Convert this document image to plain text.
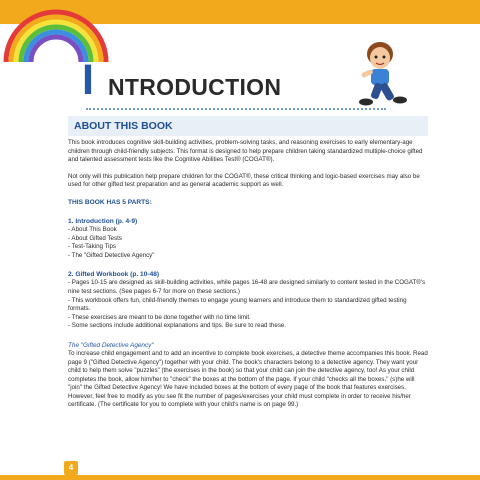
I NTRODUCTION
ABOUT THIS BOOK

This book introduces cognitive skill-building activities, problem-solving tasks, and reasoning exercises to early elementary-age children through child-friendly subjects. This format is designed to help prepare children taking standardized multiple-choice gifted and talented assessment tests like the Cognitive Abilities Test® (COGAT®).

Not only will this publication help prepare children for the COGAT®, these critical thinking and logic-based exercises may also be used for other gifted test preparation and as general academic support as well.

THIS BOOK HAS 5 PARTS:
1. Introduction (p. 4-9)
- About This Book
- About Gifted Tests
- Test-Taking Tips
- The "Gifted Detective Agency"
2. Gifted Workbook (p. 10-48)
- Pages 10-15 are designed as skill-building activities, while pages 16-48 are designed similarly to content tested in the COGAT®'s nine test sections. (See pages 6-7 for more on these sections.)
- This workbook offers fun, child-friendly themes to engage young learners and introduce them to standardized gifted testing formats.
- These exercises are meant to be done together with no time limit.
- Some sections include additional explanations and tips. Be sure to read these.
The "Gifted Detective Agency"

To increase child engagement and to add an incentive to complete book exercises, a detective theme accompanies this book. Read page 9 ("Gifted Detective Agency") together with your child. The book's characters belong to a detective agency. They want your child to help them solve "puzzles" (the exercises in the book) so that your child can join the detective agency, too! As your child completes the book, allow him/her to "check" the boxes at the bottom of the page. If your child "checks all the boxes," (s)he will "join" the Gifted Detective Agency! We have included boxes at the bottom of every page of the book that features exercises. However, feel free to modify as you see fit the number of pages/exercises your child must complete in order to receive his/her certificate. (The certificate for you to complete with your child's name is on page 99.)

4
